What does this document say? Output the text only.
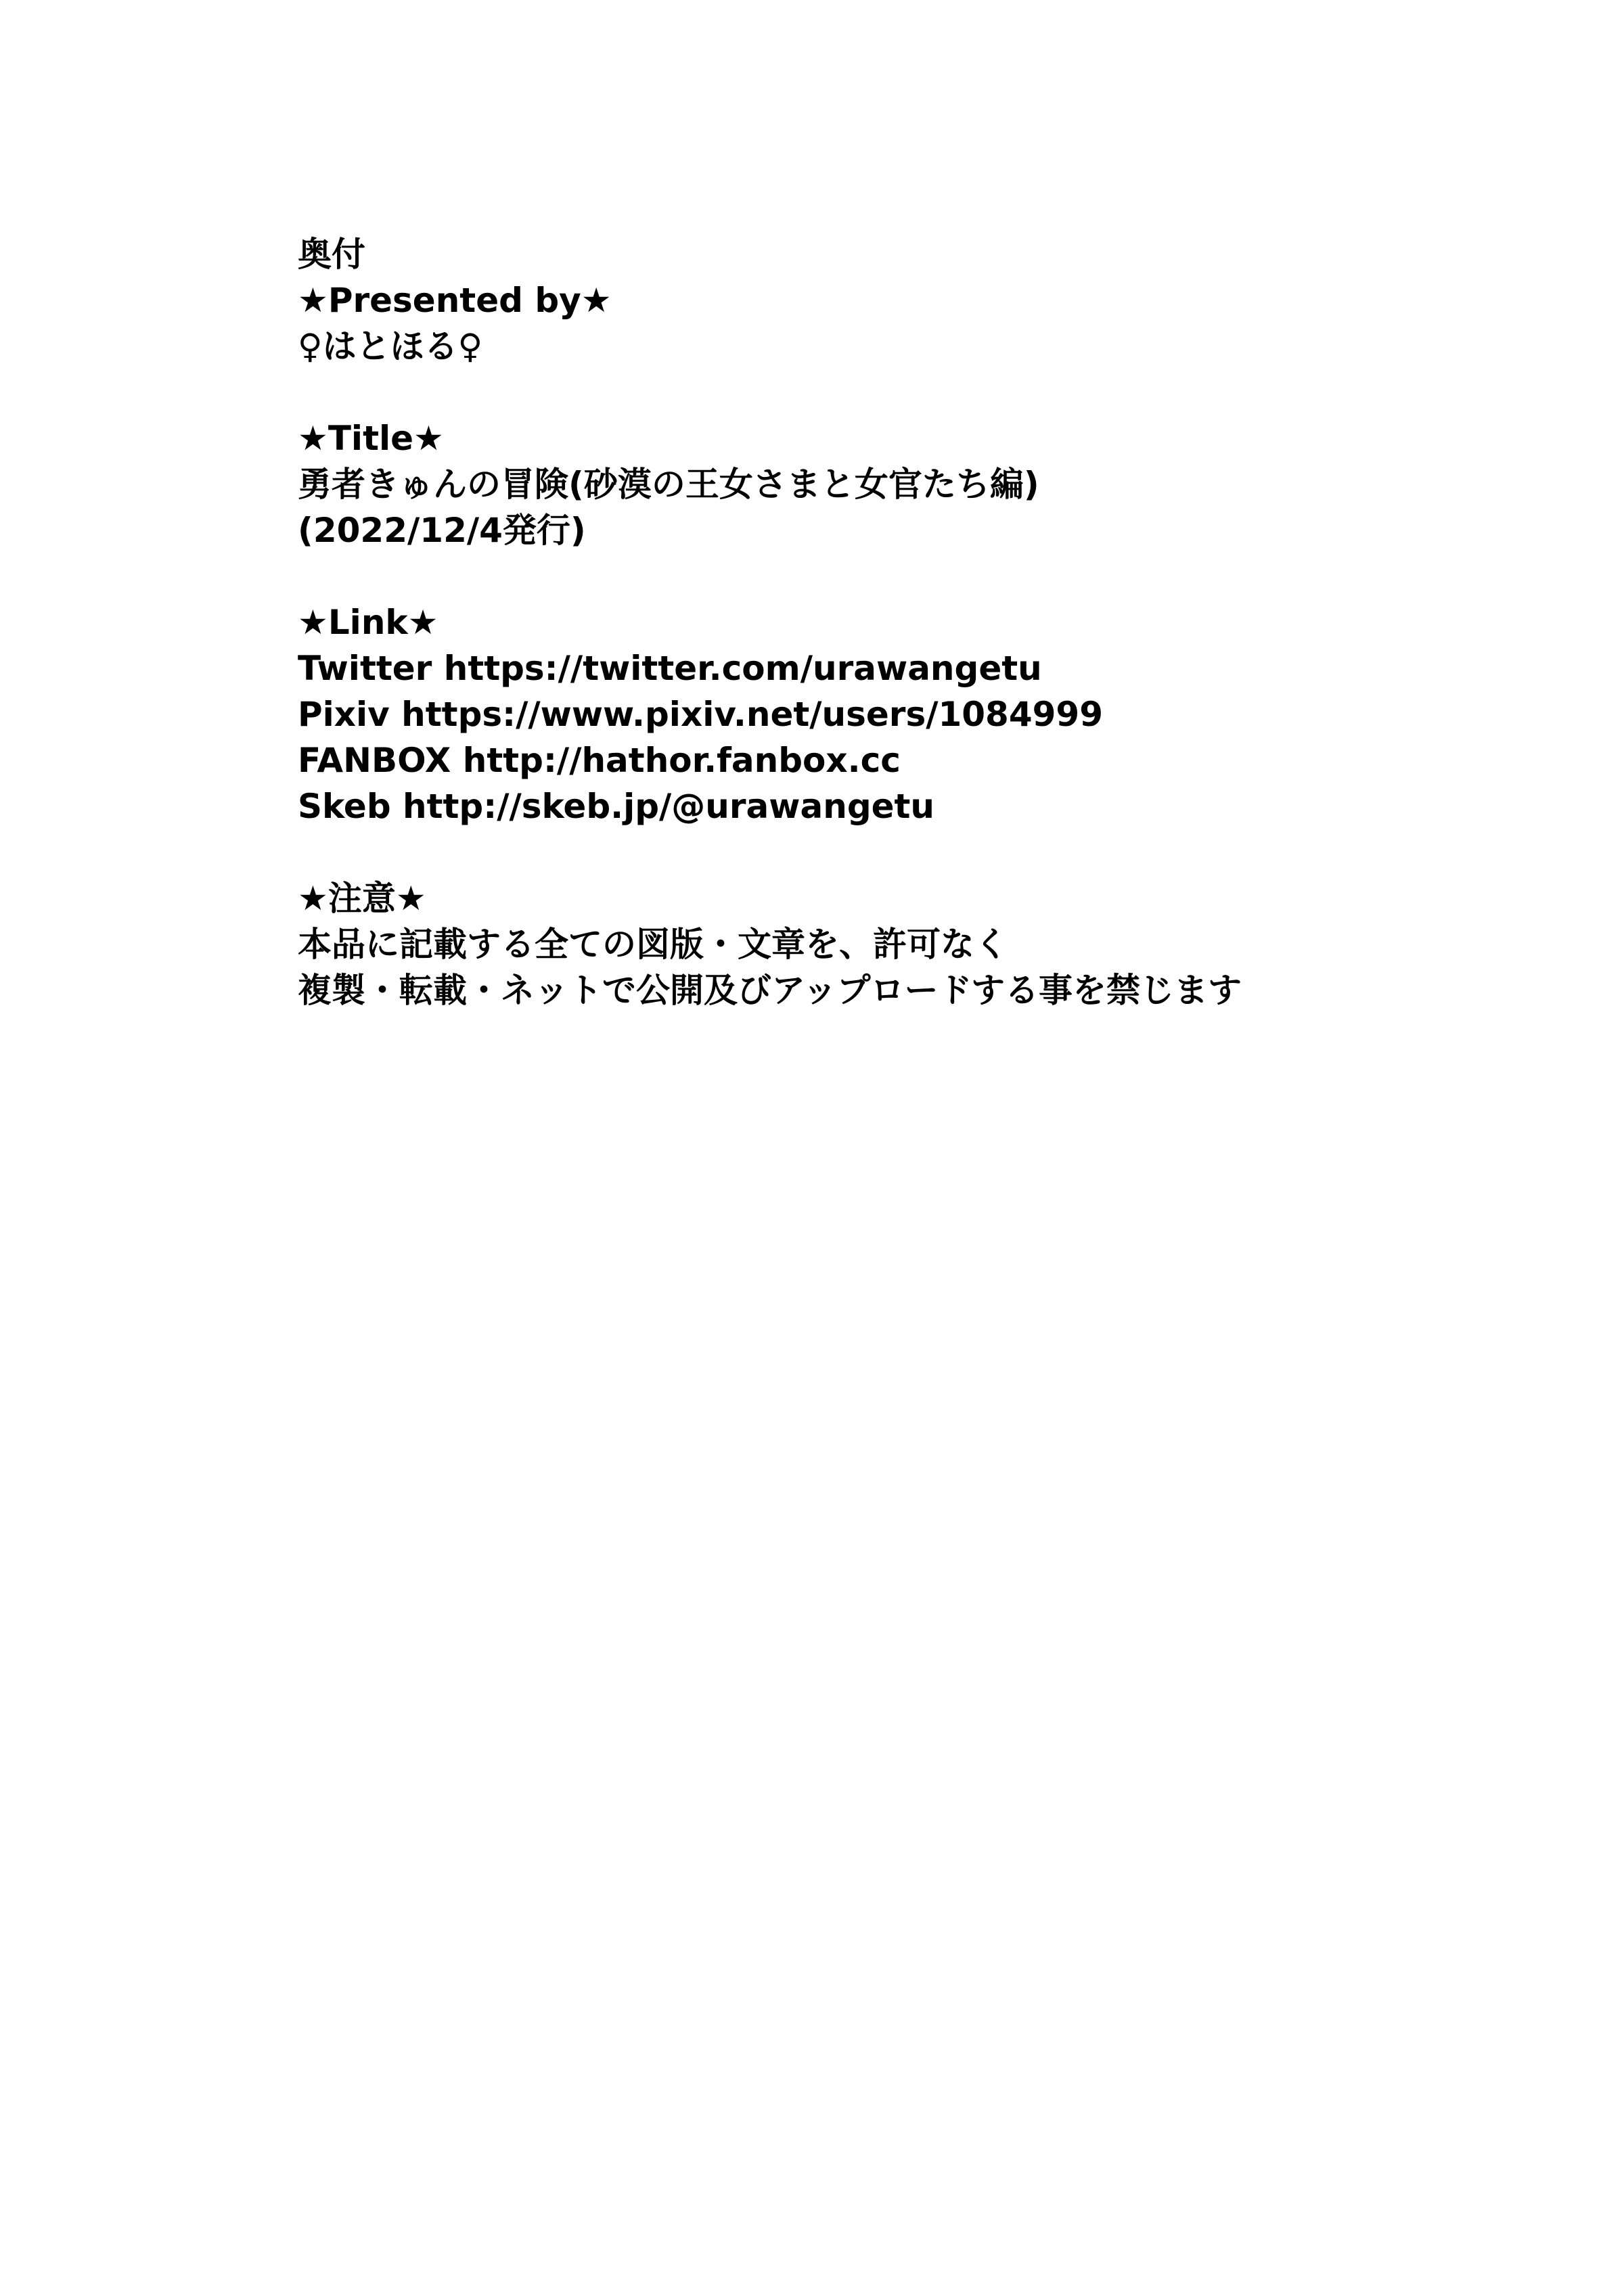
奥付
★Presented by★
♀はとほる♀
★Title★
勇者きゅんの冒険(砂漠の王女さまと女官たち編)
(2022/12/4発行)
★Link★
Twitter https://twitter.com/urawangetu
Pixiv https://www.pixiv.net/users/1084999
FANBOX http://hathor.fanbox.cc
Skeb http://skeb.jp/@urawangetu
★注意★
本品に記載する全ての図版・文章を、許可なく
複製・転載・ネットで公開及びアップロードする事を禁じます
